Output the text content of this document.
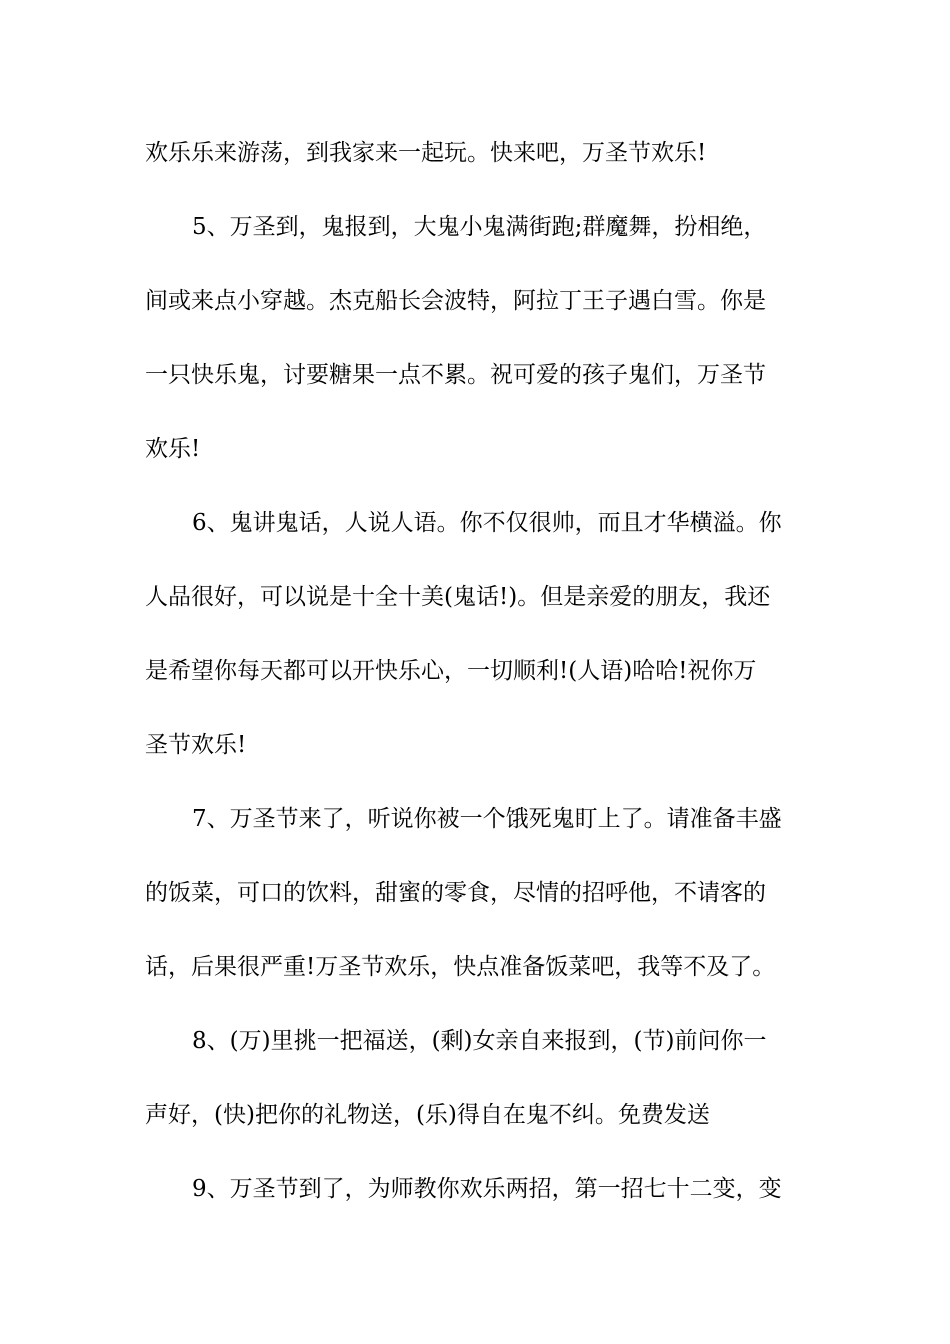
欢乐乐来游荡，到我家来一起玩。快来吧，万圣节欢乐!
5、万圣到，鬼报到，大鬼小鬼满街跑;群魔舞，扮相绝，
间或来点小穿越。杰克船长会波特，阿拉丁王子遇白雪。你是
一只快乐鬼，讨要糖果一点不累。祝可爱的孩子鬼们，万圣节
欢乐!
6、鬼讲鬼话，人说人语。你不仅很帅，而且才华横溢。你
人品很好，可以说是十全十美(鬼话!)。但是亲爱的朋友，我还
是希望你每天都可以开快乐心，一切顺利!(人语)哈哈!祝你万
圣节欢乐!
7、万圣节来了，听说你被一个饿死鬼盯上了。请准备丰盛
的饭菜，可口的饮料，甜蜜的零食，尽情的招呼他，不请客的
话，后果很严重!万圣节欢乐，快点准备饭菜吧，我等不及了。
8、(万)里挑一把福送，(剩)女亲自来报到，(节)前问你一
声好，(快)把你的礼物送，(乐)得自在鬼不纠。免费发送
9、万圣节到了，为师教你欢乐两招，第一招七十二变，变
